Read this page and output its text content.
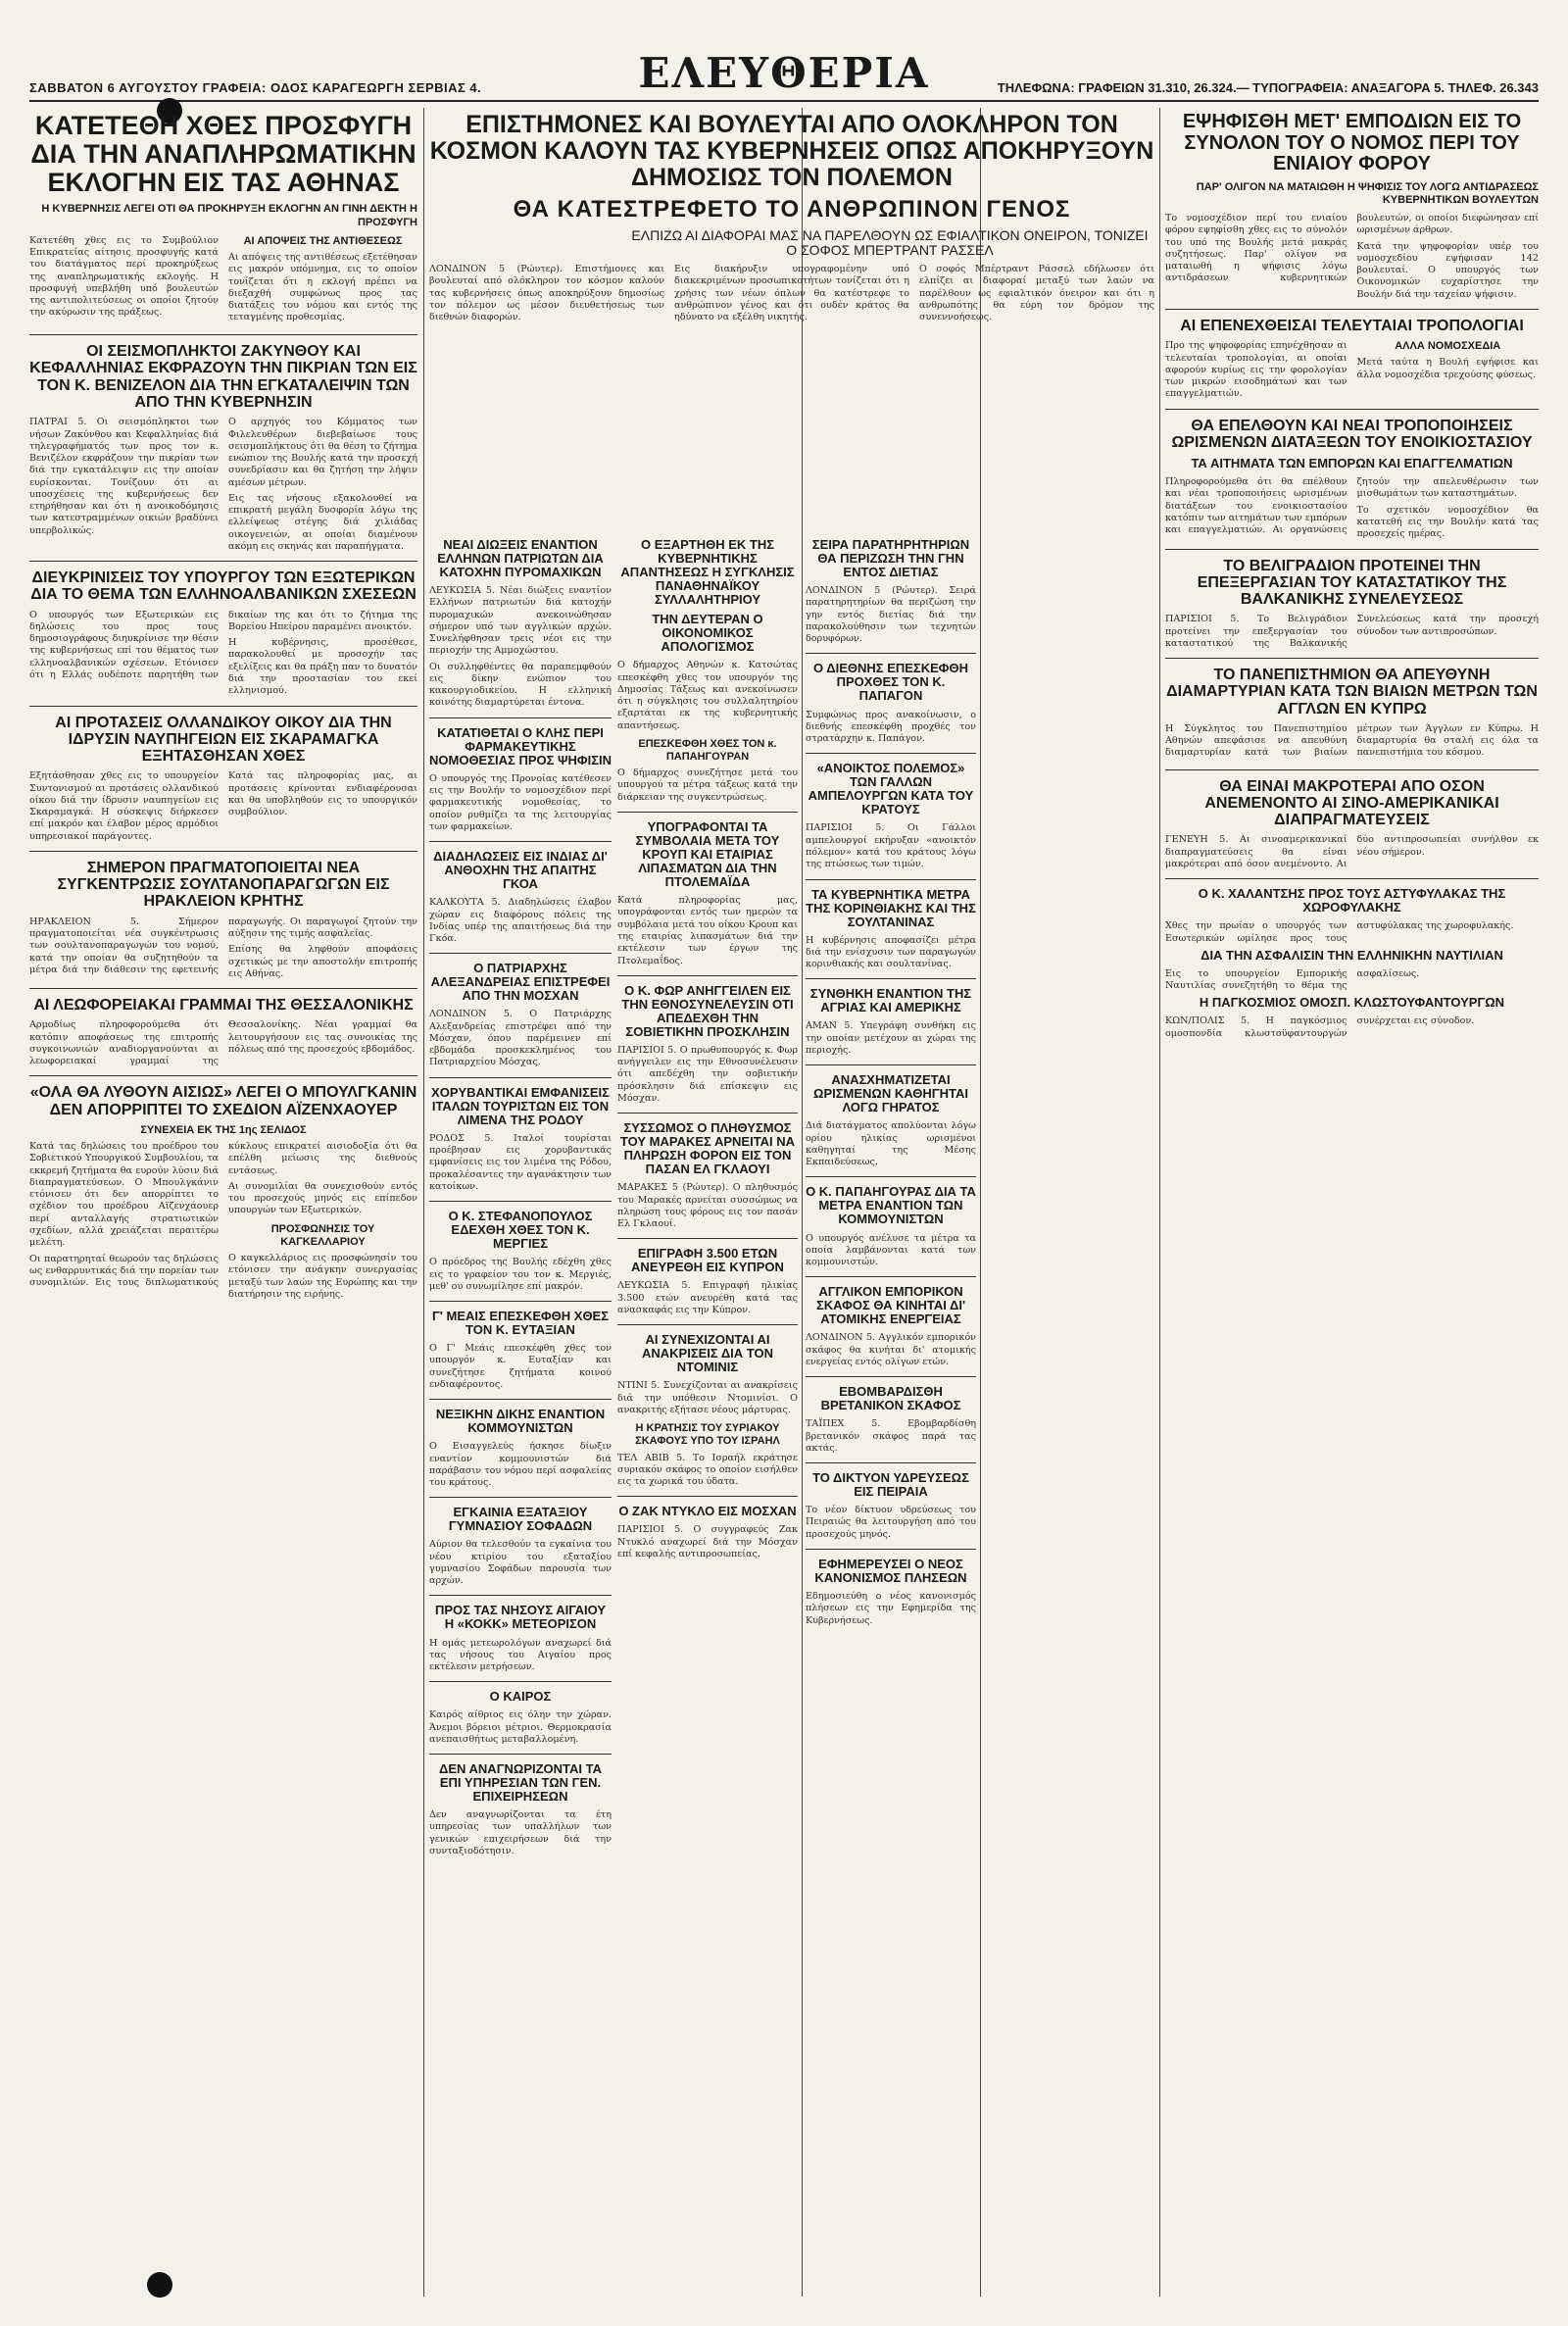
ΣΑΒΒΑΤΟΝ 6 ΑΥΓΟΥΣΤΟΥ ΓΡΑΦΕΙΑ: ΟΔΟΣ ΚΑΡΑΓΕΩΡΓΗ ΣΕΡΒΙΑΣ 4.	ΕΛΕΥΘΕΡΙΑ	ΤΗΛΕΦΩΝΑ: ΓΡΑΦΕΙΩΝ 31.310, 26.324.— ΤΥΠΟΓΡΑΦΕΙΑ: ΑΝΑΞΑΓΟΡΑ 5. ΤΗΛΕΦ. 26.343
ΚΑΤΕΤΕΘΗ ΧΘΕΣ ΠΡΟΣΦΥΓΗ ΔΙΑ ΤΗΝ ΑΝΑΠΛΗΡΩΜΑΤΙΚΗΝ ΕΚΛΟΓΗΝ ΕΙΣ ΤΑΣ ΑΘΗΝΑΣ
Η ΚΥΒΕΡΝΗΣΙΣ ΛΕΓΕΙ ΟΤΙ ΘΑ ΠΡΟΚΗΡΥΞΗ ΕΚΛΟΓΗΝ ΑΝ ΓΙΝΗ ΔΕΚΤΗ Η ΠΡΟΣΦΥΓΗ

Κατετέθη χθες εις το Συμβούλιον Επικρατείας αίτησις προσφυγής κατά του διατάγματος περί προκηρύξεως της αναπληρωματικής εκλογής. Η προσφυγή υπεβλήθη υπό βουλευτών της αντιπολιτεύσεως οι οποίοι ζητούν την ακύρωσιν της πράξεως.

ΑΙ ΑΠΟΨΕΙΣ ΤΗΣ ΑΝΤΙΘΕΣΕΩΣ

Αι απόψεις της αντιθέσεως εξετέθησαν εις μακρόν υπόμνημα, εις το οποίον τονίζεται ότι η εκλογή πρέπει να διεξαχθή συμφώνως προς τας διατάξεις του νόμου και εντός της τεταγμένης προθεσμίας.

ΟΙ ΣΕΙΣΜΟΠΛΗΚΤΟΙ ΖΑΚΥΝΘΟΥ ΚΑΙ ΚΕΦΑΛΛΗΝΙΑΣ ΕΚΦΡΑΖΟΥΝ ΤΗΝ ΠΙΚΡΙΑΝ ΤΩΝ ΕΙΣ ΤΟΝ Κ. ΒΕΝΙΖΕΛΟΝ ΔΙΑ ΤΗΝ ΕΓΚΑΤΑΛΕΙΨΙΝ ΤΩΝ ΑΠΟ ΤΗΝ ΚΥΒΕΡΝΗΣΙΝ

ΠΑΤΡΑΙ 5. Οι σεισμόπληκτοι των νήσων Ζακύνθου και Κεφαλληνίας διά τηλεγραφήματός των προς τον κ. Βενιζέλον εκφράζουν την πικρίαν των διά την εγκατάλειψιν εις την οποίαν ευρίσκονται. Τονίζουν ότι αι υποσχέσεις της κυβερνήσεως δεν ετηρήθησαν και ότι η ανοικοδόμησις των κατεστραμμένων οικιών βραδύνει υπερβολικώς.

Ο αρχηγός του Κόμματος των Φιλελευθέρων διεβεβαίωσε τους σεισμοπλήκτους ότι θα θέση το ζήτημα ενώπιον της Βουλής κατά την προσεχή συνεδρίασιν και θα ζητήση την λήψιν αμέσων μέτρων.

Εις τας νήσους εξακολουθεί να επικρατή μεγάλη δυσφορία λόγω της ελλείψεως στέγης διά χιλιάδας οικογενειών, αι οποίαι διαμένουν ακόμη εις σκηνάς και παραπήγματα.

ΔΙΕΥΚΡΙΝΙΣΕΙΣ ΤΟΥ ΥΠΟΥΡΓΟΥ ΤΩΝ ΕΞΩΤΕΡΙΚΩΝ ΔΙΑ ΤΟ ΘΕΜΑ ΤΩΝ ΕΛΛΗΝΟΑΛΒΑΝΙΚΩΝ ΣΧΕΣΕΩΝ

Ο υπουργός των Εξωτερικών εις δηλώσεις του προς τους δημοσιογράφους διηυκρίνισε την θέσιν της κυβερνήσεως επί του θέματος των ελληνοαλβανικών σχέσεων. Ετόνισεν ότι η Ελλάς ουδέποτε παρητήθη των δικαίων της και ότι το ζήτημα της Βορείου Ηπείρου παραμένει ανοικτόν.

Η κυβέρνησις, προσέθεσε, παρακολουθεί με προσοχήν τας εξελίξεις και θα πράξη παν το δυνατόν διά την προστασίαν του εκεί ελληνισμού.

ΑΙ ΠΡΟΤΑΣΕΙΣ ΟΛΛΑΝΔΙΚΟΥ ΟΙΚΟΥ ΔΙΑ ΤΗΝ ΙΔΡΥΣΙΝ ΝΑΥΠΗΓΕΙΩΝ ΕΙΣ ΣΚΑΡΑΜΑΓΚΑ ΕΞΗΤΑΣΘΗΣΑΝ ΧΘΕΣ

Εξητάσθησαν χθες εις το υπουργείον Συντονισμού αι προτάσεις ολλανδικού οίκου διά την ίδρυσιν ναυπηγείων εις Σκαραμαγκά. Η σύσκεψις διήρκεσεν επί μακρόν και έλαβον μέρος αρμόδιοι υπηρεσιακοί παράγοντες.

Κατά τας πληροφορίας μας, αι προτάσεις κρίνονται ενδιαφέρουσαι και θα υποβληθούν εις το υπουργικόν συμβούλιον.

ΣΗΜΕΡΟΝ ΠΡΑΓΜΑΤΟΠΟΙΕΙΤΑΙ ΝΕΑ ΣΥΓΚΕΝΤΡΩΣΙΣ ΣΟΥΛΤΑΝΟΠΑΡΑΓΩΓΩΝ ΕΙΣ ΗΡΑΚΛΕΙΟΝ ΚΡΗΤΗΣ

ΗΡΑΚΛΕΙΟΝ 5. Σήμερον πραγματοποιείται νέα συγκέντρωσις των σουλτανοπαραγωγών του νομού, κατά την οποίαν θα συζητηθούν τα μέτρα διά την διάθεσιν της εφετεινής παραγωγής. Οι παραγωγοί ζητούν την αύξησιν της τιμής ασφαλείας.

Επίσης θα ληφθούν αποφάσεις σχετικώς με την αποστολήν επιτροπής εις Αθήνας.

ΑΙ ΛΕΩΦΟΡΕΙΑΚΑΙ ΓΡΑΜΜΑΙ ΤΗΣ ΘΕΣΣΑΛΟΝΙΚΗΣ

Αρμοδίως πληροφορούμεθα ότι κατόπιν αποφάσεως της επιτροπής συγκοινωνιών αναδιοργανούνται αι λεωφορειακαί γραμμαί της Θεσσαλονίκης. Νέαι γραμμαί θα λειτουργήσουν εις τας συνοικίας της πόλεως από της προσεχούς εβδομάδος.

«ΟΛΑ ΘΑ ΛΥΘΟΥΝ ΑΙΣΙΩΣ» ΛΕΓΕΙ Ο ΜΠΟΥΛΓΚΑΝΙΝ ΔΕΝ ΑΠΟΡΡΙΠΤΕΙ ΤΟ ΣΧΕΔΙΟΝ ΑΪΖΕΝΧΑΟΥΕΡ
ΣΥΝΕΧΕΙΑ ΕΚ ΤΗΣ 1ης ΣΕΛΙΔΟΣ

Κατά τας δηλώσεις του προέδρου του Σοβιετικού Υπουργικού Συμβουλίου, τα εκκρεμή ζητήματα θα ευρούν λύσιν διά διαπραγματεύσεων. Ο Μπουλγκάνιν ετόνισεν ότι δεν απορρίπτει το σχέδιον του προέδρου Αϊζενχάουερ περί ανταλλαγής στρατιωτικών σχεδίων, αλλά χρειάζεται περαιτέρω μελέτη.

Οι παρατηρηταί θεωρούν τας δηλώσεις ως ενθαρρυντικάς διά την πορείαν των συνομιλιών. Εις τους διπλωματικούς κύκλους επικρατεί αισιοδοξία ότι θα επέλθη μείωσις της διεθνούς εντάσεως.

Αι συνομιλίαι θα συνεχισθούν εντός του προσεχούς μηνός εις επίπεδον υπουργών των Εξωτερικών.

ΠΡΟΣΦΩΝΗΣΙΣ ΤΟΥ ΚΑΓΚΕΛΛΑΡΙΟΥ

Ο καγκελλάριος εις προσφώνησίν του ετόνισεν την ανάγκην συνεργασίας μεταξύ των λαών της Ευρώπης και την διατήρησιν της ειρήνης.

ΕΠΙΣΤΗΜΟΝΕΣ ΚΑΙ ΒΟΥΛΕΥΤΑΙ ΑΠΟ ΟΛΟΚΛΗΡΟΝ ΤΟΝ ΚΟΣΜΟΝ ΚΑΛΟΥΝ ΤΑΣ ΚΥΒΕΡΝΗΣΕΙΣ ΟΠΩΣ ΑΠΟΚΗΡΥΞΟΥΝ ΔΗΜΟΣΙΩΣ ΤΟΝ ΠΟΛΕΜΟΝ
ΘΑ ΚΑΤΕΣΤΡΕΦΕΤΟ ΤΟ ΑΝΘΡΩΠΙΝΟΝ ΓΕΝΟΣ
ΕΛΠΙΖΩ ΑΙ ΔΙΑΦΟΡΑΙ ΜΑΣ ΝΑ ΠΑΡΕΛΘΟΥΝ ΩΣ ΕΦΙΑΛΤΙΚΟΝ ΟΝΕΙΡΟΝ, ΤΟΝΙΖΕΙ Ο ΣΟΦΟΣ ΜΠΕΡΤΡΑΝΤ ΡΑΣΣΕΛ

ΛΟΝΔΙΝΟΝ 5 (Ρώυτερ). Επιστήμονες και βουλευταί από ολόκληρον τον κόσμον καλούν τας κυβερνήσεις όπως αποκηρύξουν δημοσίως τον πόλεμον ως μέσον διευθετήσεως των διεθνών διαφορών.

Εις διακήρυξιν υπογραφομένην υπό διακεκριμένων προσωπικοτήτων τονίζεται ότι η χρήσις των νέων όπλων θα κατέστρεφε το ανθρώπινον γένος και ότι ουδέν κράτος θα ηδύνατο να εξέλθη νικητής.

Ο σοφός Μπέρτραντ Ράσσελ εδήλωσεν ότι ελπίζει αι διαφοραί μεταξύ των λαών να παρέλθουν ως εφιαλτικόν όνειρον και ότι η ανθρωπότης θα εύρη τον δρόμον της συνεννοήσεως.

ΝΕΑΙ ΔΙΩΞΕΙΣ ΕΝΑΝΤΙΟΝ ΕΛΛΗΝΩΝ ΠΑΤΡΙΩΤΩΝ ΔΙΑ ΚΑΤΟΧΗΝ ΠΥΡΟΜΑΧΙΚΩΝ

ΛΕΥΚΩΣΙΑ 5. Νέαι διώξεις εναντίον Ελλήνων πατριωτών διά κατοχήν πυρομαχικών ανεκοινώθησαν σήμερον υπό των αγγλικών αρχών. Συνελήφθησαν τρεις νέοι εις την περιοχήν της Αμμοχώστου.

Οι συλληφθέντες θα παραπεμφθούν εις δίκην ενώπιον του κακουργιοδικείου. Η ελληνική κοινότης διαμαρτύρεται έντονα.

ΚΑΤΑΤΙΘΕΤΑΙ Ο ΚΛΗΣ ΠΕΡΙ ΦΑΡΜΑΚΕΥΤΙΚΗΣ ΝΟΜΟΘΕΣΙΑΣ ΠΡΟΣ ΨΗΦΙΣΙΝ

Ο υπουργός της Προνοίας κατέθεσεν εις την Βουλήν το νομοσχέδιον περί φαρμακευτικής νομοθεσίας, το οποίον ρυθμίζει τα της λειτουργίας των φαρμακείων.

ΔΙΑΔΗΛΩΣΕΙΣ ΕΙΣ ΙΝΔΙΑΣ ΔΙ' ΑΝΘΟΧΗΝ ΤΗΣ ΑΠΑΙΤΗΣ ΓΚΟΑ

ΚΑΛΚΟΥΤΑ 5. Διαδηλώσεις έλαβον χώραν εις διαφόρους πόλεις της Ινδίας υπέρ της απαιτήσεως διά την Γκόα.

Ο ΠΑΤΡΙΑΡΧΗΣ ΑΛΕΞΑΝΔΡΕΙΑΣ ΕΠΙΣΤΡΕΦΕΙ ΑΠΟ ΤΗΝ ΜΟΣΧΑΝ

ΛΟΝΔΙΝΟΝ 5. Ο Πατριάρχης Αλεξανδρείας επιστρέφει από την Μόσχαν, όπου παρέμεινεν επί εβδομάδα προσκεκλημένος του Πατριαρχείου Μόσχας.

ΧΟΡΥΒΑΝΤΙΚΑΙ ΕΜΦΑΝΙΣΕΙΣ ΙΤΑΛΩΝ ΤΟΥΡΙΣΤΩΝ ΕΙΣ ΤΟΝ ΛΙΜΕΝΑ ΤΗΣ ΡΟΔΟΥ

ΡΟΔΟΣ 5. Ιταλοί τουρίσται προέβησαν εις χορυβαντικάς εμφανίσεις εις τον λιμένα της Ρόδου, προκαλέσαντες την αγανάκτησιν των κατοίκων.

Ο Κ. ΣΤΕΦΑΝΟΠΟΥΛΟΣ ΕΔΕΧΘΗ ΧΘΕΣ ΤΟΝ Κ. ΜΕΡΓΙΕΣ

Ο πρόεδρος της Βουλής εδέχθη χθες εις το γραφείον του τον κ. Μεργιές, μεθ' ου συνωμίλησε επί μακρόν.

Γ' ΜΕΑΙΣ ΕΠΕΣΚΕΦΘΗ ΧΘΕΣ ΤΟΝ Κ. ΕΥΤΑΞΙΑΝ

Ο Γ' Μεάις επεσκέφθη χθες τον υπουργόν κ. Ευταξίαν και συνεζήτησε ζητήματα κοινού ενδιαφέροντος.

ΝΕΞΙΚΗΝ ΔΙΚΗΣ ΕΝΑΝΤΙΟΝ ΚΟΜΜΟΥΝΙΣΤΩΝ

Ο Εισαγγελεύς ήσκησε δίωξιν εναντίον κομμουνιστών διά παράβασιν του νόμου περί ασφαλείας του κράτους.

ΕΓΚΑΙΝΙΑ ΕΞΑΤΑΞΙΟΥ ΓΥΜΝΑΣΙΟΥ ΣΟΦΑΔΩΝ

Αύριον θα τελεσθούν τα εγκαίνια του νέου κτιρίου του εξαταξίου γυμνασίου Σοφάδων παρουσία των αρχών.

ΠΡΟΣ ΤΑΣ ΝΗΣΟΥΣ ΑΙΓΑΙΟΥ Η «ΚΟΚΚ» ΜΕΤΕΟΡΙΣΟΝ

Η ομάς μετεωρολόγων αναχωρεί διά τας νήσους του Αιγαίου προς εκτέλεσιν μετρήσεων.

Ο ΚΑΙΡΟΣ

Καιρός αίθριος εις όλην την χώραν. Άνεμοι βόρειοι μέτριοι. Θερμοκρασία ανεπαισθήτως μεταβαλλομένη.

ΔΕΝ ΑΝΑΓΝΩΡΙΖΟΝΤΑΙ ΤΑ ΕΠΙ ΥΠΗΡΕΣΙΑΝ ΤΩΝ ΓΕΝ. ΕΠΙΧΕΙΡΗΣΕΩΝ

Δεν αναγνωρίζονται τα έτη υπηρεσίας των υπαλλήλων των γενικών επιχειρήσεων διά την συνταξιοδότησιν.

Ο ΕΞΑΡΤΗΘΗ ΕΚ ΤΗΣ ΚΥΒΕΡΝΗΤΙΚΗΣ ΑΠΑΝΤΗΣΕΩΣ Η ΣΥΓΚΛΗΣΙΣ ΠΑΝΑΘΗΝΑΪΚΟΥ ΣΥΛΛΑΛΗΤΗΡΙΟΥ
ΤΗΝ ΔΕΥΤΕΡΑΝ Ο ΟΙΚΟΝΟΜΙΚΟΣ ΑΠΟΛΟΓΙΣΜΟΣ

Ο δήμαρχος Αθηνών κ. Κατσώτας επεσκέφθη χθες τον υπουργόν της Δημοσίας Τάξεως και ανεκοίνωσεν ότι η σύγκλησις του συλλαλητηρίου εξαρτάται εκ της κυβερνητικής απαντήσεως.

ΕΠΕΣΚΕΦΘΗ ΧΘΕΣ ΤΟΝ κ. ΠΑΠΑΗΓΟΥΡΑΝ

Ο δήμαρχος συνεζήτησε μετά του υπουργού τα μέτρα τάξεως κατά την διάρκειαν της συγκεντρώσεως.

ΥΠΟΓΡΑΦΟΝΤΑΙ ΤΑ ΣΥΜΒΟΛΑΙΑ ΜΕΤΑ ΤΟΥ ΚΡΟΥΠ ΚΑΙ ΕΤΑΙΡΙΑΣ ΛΙΠΑΣΜΑΤΩΝ ΔΙΑ ΤΗΝ ΠΤΟΛΕΜΑΪΔΑ

Κατά πληροφορίας μας, υπογράφονται εντός των ημερών τα συμβόλαια μετά του οίκου Κρουπ και της εταιρίας λιπασμάτων διά την εκτέλεσιν των έργων της Πτολεμαΐδος.

Ο Κ. ΦΩΡ ΑΝΗΓΓΕΙΛΕΝ ΕΙΣ ΤΗΝ ΕΘΝΟΣΥΝΕΛΕΥΣΙΝ ΟΤΙ ΑΠΕΔΕΧΘΗ ΤΗΝ ΣΟΒΙΕΤΙΚΗΝ ΠΡΟΣΚΛΗΣΙΝ

ΠΑΡΙΣΙΟΙ 5. Ο πρωθυπουργός κ. Φωρ ανήγγειλεν εις την Εθνοσυνέλευσιν ότι απεδέχθη την σοβιετικήν πρόσκλησιν διά επίσκεψιν εις Μόσχαν.

ΣΥΣΣΩΜΟΣ Ο ΠΛΗΘΥΣΜΟΣ ΤΟΥ ΜΑΡΑΚΕΣ ΑΡΝΕΙΤΑΙ ΝΑ ΠΛΗΡΩΣΗ ΦΟΡΟΝ ΕΙΣ ΤΟΝ ΠΑΣΑΝ ΕΛ ΓΚΛΑΟΥΙ

ΜΑΡΑΚΕΣ 5 (Ρώυτερ). Ο πληθυσμός του Μαρακές αρνείται συσσώμως να πληρώση τους φόρους εις τον πασάν Ελ Γκλαουί.

ΕΠΙΓΡΑΦΗ 3.500 ΕΤΩΝ ΑΝΕΥΡΕΘΗ ΕΙΣ ΚΥΠΡΟΝ

ΛΕΥΚΩΣΙΑ 5. Επιγραφή ηλικίας 3.500 ετών ανευρέθη κατά τας ανασκαφάς εις την Κύπρον.

ΑΙ ΣΥΝΕΧΙΖΟΝΤΑΙ ΑΙ ΑΝΑΚΡΙΣΕΙΣ ΔΙΑ ΤΟΝ ΝΤΟΜΙΝΙΣ

ΝΤΙΝΙ 5. Συνεχίζονται αι ανακρίσεις διά την υπόθεσιν Ντομινίσι. Ο ανακριτής εξήτασε νέους μάρτυρας.

Η ΚΡΑΤΗΣΙΣ ΤΟΥ ΣΥΡΙΑΚΟΥ ΣΚΑΦΟΥΣ ΥΠΟ ΤΟΥ ΙΣΡΑΗΛ

ΤΕΛ ΑΒΙΒ 5. Το Ισραήλ εκράτησε συριακόν σκάφος το οποίον εισήλθεν εις τα χωρικά του ύδατα.

Ο ΖΑΚ ΝΤΥΚΛΟ ΕΙΣ ΜΟΣΧΑΝ

ΠΑΡΙΣΙΟΙ 5. Ο συγγραφεύς Ζακ Ντυκλό αναχωρεί διά την Μόσχαν επί κεφαλής αντιπροσωπείας.

ΣΕΙΡΑ ΠΑΡΑΤΗΡΗΤΗΡΙΩΝ ΘΑ ΠΕΡΙΖΩΣΗ ΤΗΝ ΓΗΝ ΕΝΤΟΣ ΔΙΕΤΙΑΣ

ΛΟΝΔΙΝΟΝ 5 (Ρώυτερ). Σειρά παρατηρητηρίων θα περιζώση την γην εντός διετίας διά την παρακολούθησιν των τεχνητών δορυφόρων.

Ο ΔΙΕΘΝΗΣ ΕΠΕΣΚΕΦΘΗ ΠΡΟΧΘΕΣ ΤΟΝ Κ. ΠΑΠΑΓΟΝ

Συμφώνως προς ανακοίνωσιν, ο διεθνής επεσκέφθη προχθές τον στρατάρχην κ. Παπάγον.

«ΑΝΟΙΚΤΟΣ ΠΟΛΕΜΟΣ» ΤΩΝ ΓΑΛΛΩΝ ΑΜΠΕΛΟΥΡΓΩΝ ΚΑΤΑ ΤΟΥ ΚΡΑΤΟΥΣ

ΠΑΡΙΣΙΟΙ 5. Οι Γάλλοι αμπελουργοί εκήρυξαν «ανοικτόν πόλεμον» κατά του κράτους λόγω της πτώσεως των τιμών.

ΤΑ ΚΥΒΕΡΝΗΤΙΚΑ ΜΕΤΡΑ ΤΗΣ ΚΟΡΙΝΘΙΑΚΗΣ ΚΑΙ ΤΗΣ ΣΟΥΛΤΑΝΙΝΑΣ

Η κυβέρνησις αποφασίζει μέτρα διά την ενίσχυσιν των παραγωγών κορινθιακής και σουλτανίνας.

ΣΥΝΘΗΚΗ ΕΝΑΝΤΙΟΝ ΤΗΣ ΑΓΡΙΑΣ ΚΑΙ ΑΜΕΡΙΚΗΣ

ΑΜΑΝ 5. Υπεγράφη συνθήκη εις την οποίαν μετέχουν αι χώραι της περιοχής.

ΑΝΑΣΧΗΜΑΤΙΖΕΤΑΙ ΩΡΙΣΜΕΝΩΝ ΚΑΘΗΓΗΤΑΙ ΛΟΓΩ ΓΗΡΑΤΟΣ

Διά διατάγματος απολύονται λόγω ορίου ηλικίας ωρισμένοι καθηγηταί της Μέσης Εκπαιδεύσεως.

Ο Κ. ΠΑΠΑΗΓΟΥΡΑΣ ΔΙΑ ΤΑ ΜΕΤΡΑ ΕΝΑΝΤΙΟΝ ΤΩΝ ΚΟΜΜΟΥΝΙΣΤΩΝ

Ο υπουργός ανέλυσε τα μέτρα τα οποία λαμβάνονται κατά των κομμουνιστών.

ΑΓΓΛΙΚΟΝ ΕΜΠΟΡΙΚΟΝ ΣΚΑΦΟΣ ΘΑ ΚΙΝΗΤΑΙ ΔΙ' ΑΤΟΜΙΚΗΣ ΕΝΕΡΓΕΙΑΣ

ΛΟΝΔΙΝΟΝ 5. Αγγλικόν εμπορικόν σκάφος θα κινήται δι' ατομικής ενεργείας εντός ολίγων ετών.

ΕΒΟΜΒΑΡΔΙΣΘΗ ΒΡΕΤΑΝΙΚΟΝ ΣΚΑΦΟΣ

ΤΑΪΠΕΧ 5. Εβομβαρδίσθη βρετανικόν σκάφος παρά τας ακτάς.

ΤΟ ΔΙΚΤΥΟΝ ΥΔΡΕΥΣΕΩΣ ΕΙΣ ΠΕΙΡΑΙΑ

Το νέον δίκτυον υδρεύσεως του Πειραιώς θα λειτουργήση από του προσεχούς μηνός.

ΕΦΗΜΕΡΕΥΣΕΙ Ο ΝΕΟΣ ΚΑΝΟΝΙΣΜΟΣ ΠΛΗΣΕΩΝ

Εδημοσιεύθη ο νέος κανονισμός πλήσεων εις την Εφημερίδα της Κυβερνήσεως.

ΕΨΗΦΙΣΘΗ ΜΕΤ' ΕΜΠΟΔΙΩΝ ΕΙΣ ΤΟ ΣΥΝΟΛΟΝ ΤΟΥ Ο ΝΟΜΟΣ ΠΕΡΙ ΤΟΥ ΕΝΙΑΙΟΥ ΦΟΡΟΥ
ΠΑΡ' ΟΛΙΓΟΝ ΝΑ ΜΑΤΑΙΩΘΗ Η ΨΗΦΙΣΙΣ ΤΟΥ ΛΟΓΩ ΑΝΤΙΔΡΑΣΕΩΣ ΚΥΒΕΡΝΗΤΙΚΩΝ ΒΟΥΛΕΥΤΩΝ

Το νομοσχέδιον περί του ενιαίου φόρου εψηφίσθη χθες εις το σύνολόν του υπό της Βουλής μετά μακράς συζητήσεως. Παρ' ολίγον να ματαιωθή η ψήφισις λόγω αντιδράσεων κυβερνητικών βουλευτών, οι οποίοι διεφώνησαν επί ωρισμένων άρθρων.

Κατά την ψηφοφορίαν υπέρ του νομοσχεδίου εψήφισαν 142 βουλευταί. Ο υπουργός των Οικονομικών ευχαρίστησε την Βουλήν διά την ταχείαν ψήφισιν.

ΑΙ ΕΠΕΝΕΧΘΕΙΣΑΙ ΤΕΛΕΥΤΑΙΑΙ ΤΡΟΠΟΛΟΓΙΑΙ

Προ της ψηφοφορίας επηνέχθησαν αι τελευταίαι τροπολογίαι, αι οποίαι αφορούν κυρίως εις την φορολογίαν των μικρών εισοδημάτων και των επαγγελματιών.

ΑΛΛΑ ΝΟΜΟΣΧΕΔΙΑ

Μετά ταύτα η Βουλή εψήφισε και άλλα νομοσχέδια τρεχούσης φύσεως.

ΘΑ ΕΠΕΛΘΟΥΝ ΚΑΙ ΝΕΑΙ ΤΡΟΠΟΠΟΙΗΣΕΙΣ ΩΡΙΣΜΕΝΩΝ ΔΙΑΤΑΞΕΩΝ ΤΟΥ ΕΝΟΙΚΙΟΣΤΑΣΙΟΥ
ΤΑ ΑΙΤΗΜΑΤΑ ΤΩΝ ΕΜΠΟΡΩΝ ΚΑΙ ΕΠΑΓΓΕΛΜΑΤΙΩΝ

Πληροφορούμεθα ότι θα επέλθουν και νέαι τροποποιήσεις ωρισμένων διατάξεων του ενοικιοστασίου κατόπιν των αιτημάτων των εμπόρων και επαγγελματιών. Αι οργανώσεις ζητούν την απελευθέρωσιν των μισθωμάτων των καταστημάτων.

Το σχετικόν νομοσχέδιον θα κατατεθή εις την Βουλήν κατά τας προσεχείς ημέρας.

ΤΟ ΒΕΛΙΓΡΑΔΙΟΝ ΠΡΟΤΕΙΝΕΙ ΤΗΝ ΕΠΕΞΕΡΓΑΣΙΑΝ ΤΟΥ ΚΑΤΑΣΤΑΤΙΚΟΥ ΤΗΣ ΒΑΛΚΑΝΙΚΗΣ ΣΥΝΕΛΕΥΣΕΩΣ

ΠΑΡΙΣΙΟΙ 5. Το Βελιγράδιον προτείνει την επεξεργασίαν του καταστατικού της Βαλκανικής Συνελεύσεως κατά την προσεχή σύνοδον των αντιπροσώπων.

ΤΟ ΠΑΝΕΠΙΣΤΗΜΙΟΝ ΘΑ ΑΠΕΥΘΥΝΗ ΔΙΑΜΑΡΤΥΡΙΑΝ ΚΑΤΑ ΤΩΝ ΒΙΑΙΩΝ ΜΕΤΡΩΝ ΤΩΝ ΑΓΓΛΩΝ ΕΝ ΚΥΠΡΩ

Η Σύγκλητος του Πανεπιστημίου Αθηνών απεφάσισε να απευθύνη διαμαρτυρίαν κατά των βιαίων μέτρων των Άγγλων εν Κύπρω. Η διαμαρτυρία θα σταλή εις όλα τα πανεπιστήμια του κόσμου.

ΘΑ ΕΙΝΑΙ ΜΑΚΡΟΤΕΡΑΙ ΑΠΟ ΟΣΟΝ ΑΝΕΜΕΝΟΝΤΟ ΑΙ ΣΙΝΟ-ΑΜΕΡΙΚΑΝΙΚΑΙ ΔΙΑΠΡΑΓΜΑΤΕΥΣΕΙΣ

ΓΕΝΕΥΗ 5. Αι σινοαμερικανικαί διαπραγματεύσεις θα είναι μακρότεραι από όσον ανεμένοντο. Αι δύο αντιπροσωπείαι συνήλθον εκ νέου σήμερον.

Ο Κ. ΧΑΛΑΝΤΣΗΣ ΠΡΟΣ ΤΟΥΣ ΑΣΤΥΦΥΛΑΚΑΣ ΤΗΣ ΧΩΡΟΦΥΛΑΚΗΣ

Χθες την πρωίαν ο υπουργός των Εσωτερικών ωμίλησε προς τους αστυφύλακας της χωροφυλακής.

ΔΙΑ ΤΗΝ ΑΣΦΑΛΙΣΙΝ ΤΗΝ ΕΛΛΗΝΙΚΗΝ ΝΑΥΤΙΛΙΑΝ

Εις το υπουργείον Εμπορικής Ναυτιλίας συνεζητήθη το θέμα της ασφαλίσεως.

Η ΠΑΓΚΟΣΜΙΟΣ ΟΜΟΣΠ. ΚΛΩΣΤΟΥΦΑΝΤΟΥΡΓΩΝ

ΚΩΝ/ΠΟΛΙΣ 5. Η παγκόσμιος ομοσπονδία κλωστοϋφαντουργών συνέρχεται εις σύνοδον.
